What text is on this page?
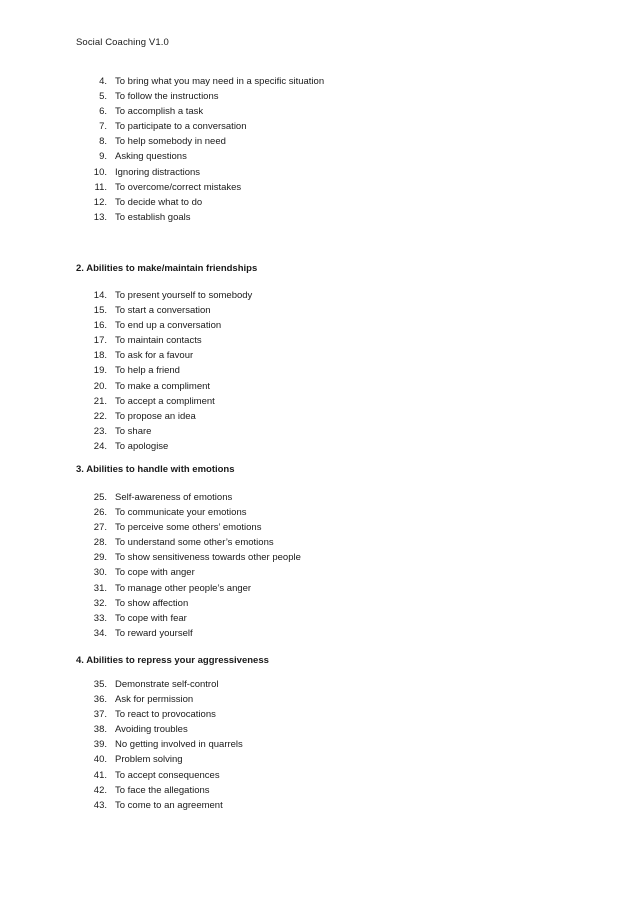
Social Coaching V1.0
4. To bring what you may need in a specific situation
5. To follow the instructions
6. To accomplish a task
7. To participate to a conversation
8. To help somebody in need
9. Asking questions
10. Ignoring distractions
11. To overcome/correct mistakes
12. To decide what to do
13. To establish goals
2. Abilities to make/maintain friendships
14. To present yourself to somebody
15. To start a conversation
16. To end up a conversation
17. To maintain contacts
18. To ask for a favour
19. To help a friend
20. To make a compliment
21. To accept a compliment
22. To propose an idea
23. To share
24. To apologise
3. Abilities to handle with emotions
25. Self-awareness of emotions
26. To communicate your emotions
27. To perceive some others’ emotions
28. To understand some other’s emotions
29. To show sensitiveness towards other people
30. To cope with anger
31. To manage other people’s anger
32. To show affection
33. To cope with fear
34. To reward yourself
4. Abilities to repress your aggressiveness
35. Demonstrate self-control
36. Ask for permission
37. To react to provocations
38. Avoiding troubles
39. No getting involved in quarrels
40. Problem solving
41. To accept consequences
42. To face the allegations
43. To come to an agreement
